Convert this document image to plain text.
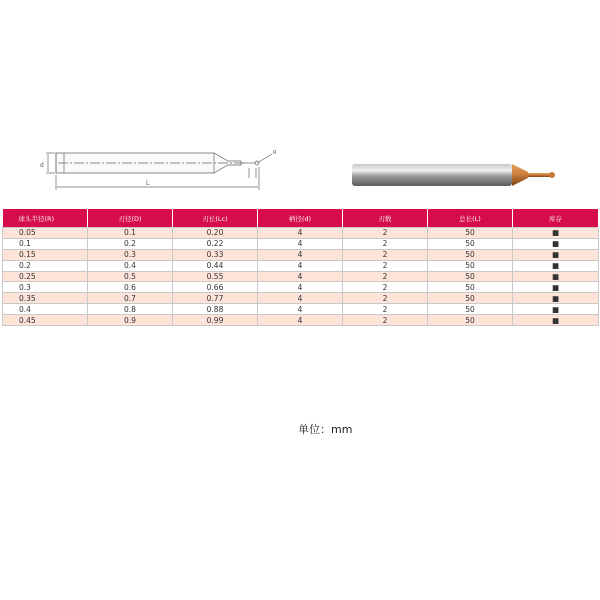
d
L
R
球头半径(R)	刃径(D)	刃长(Lc)	柄径(d)	刃数	总长(L)	库存
0.05	0.1	0.20	4	2	50	■
0.1	0.2	0.22	4	2	50	■
0.15	0.3	0.33	4	2	50	■
0.2	0.4	0.44	4	2	50	■
0.25	0.5	0.55	4	2	50	■
0.3	0.6	0.66	4	2	50	■
0.35	0.7	0.77	4	2	50	■
0.4	0.8	0.88	4	2	50	■
0.45	0.9	0.99	4	2	50	■
单位：mm
